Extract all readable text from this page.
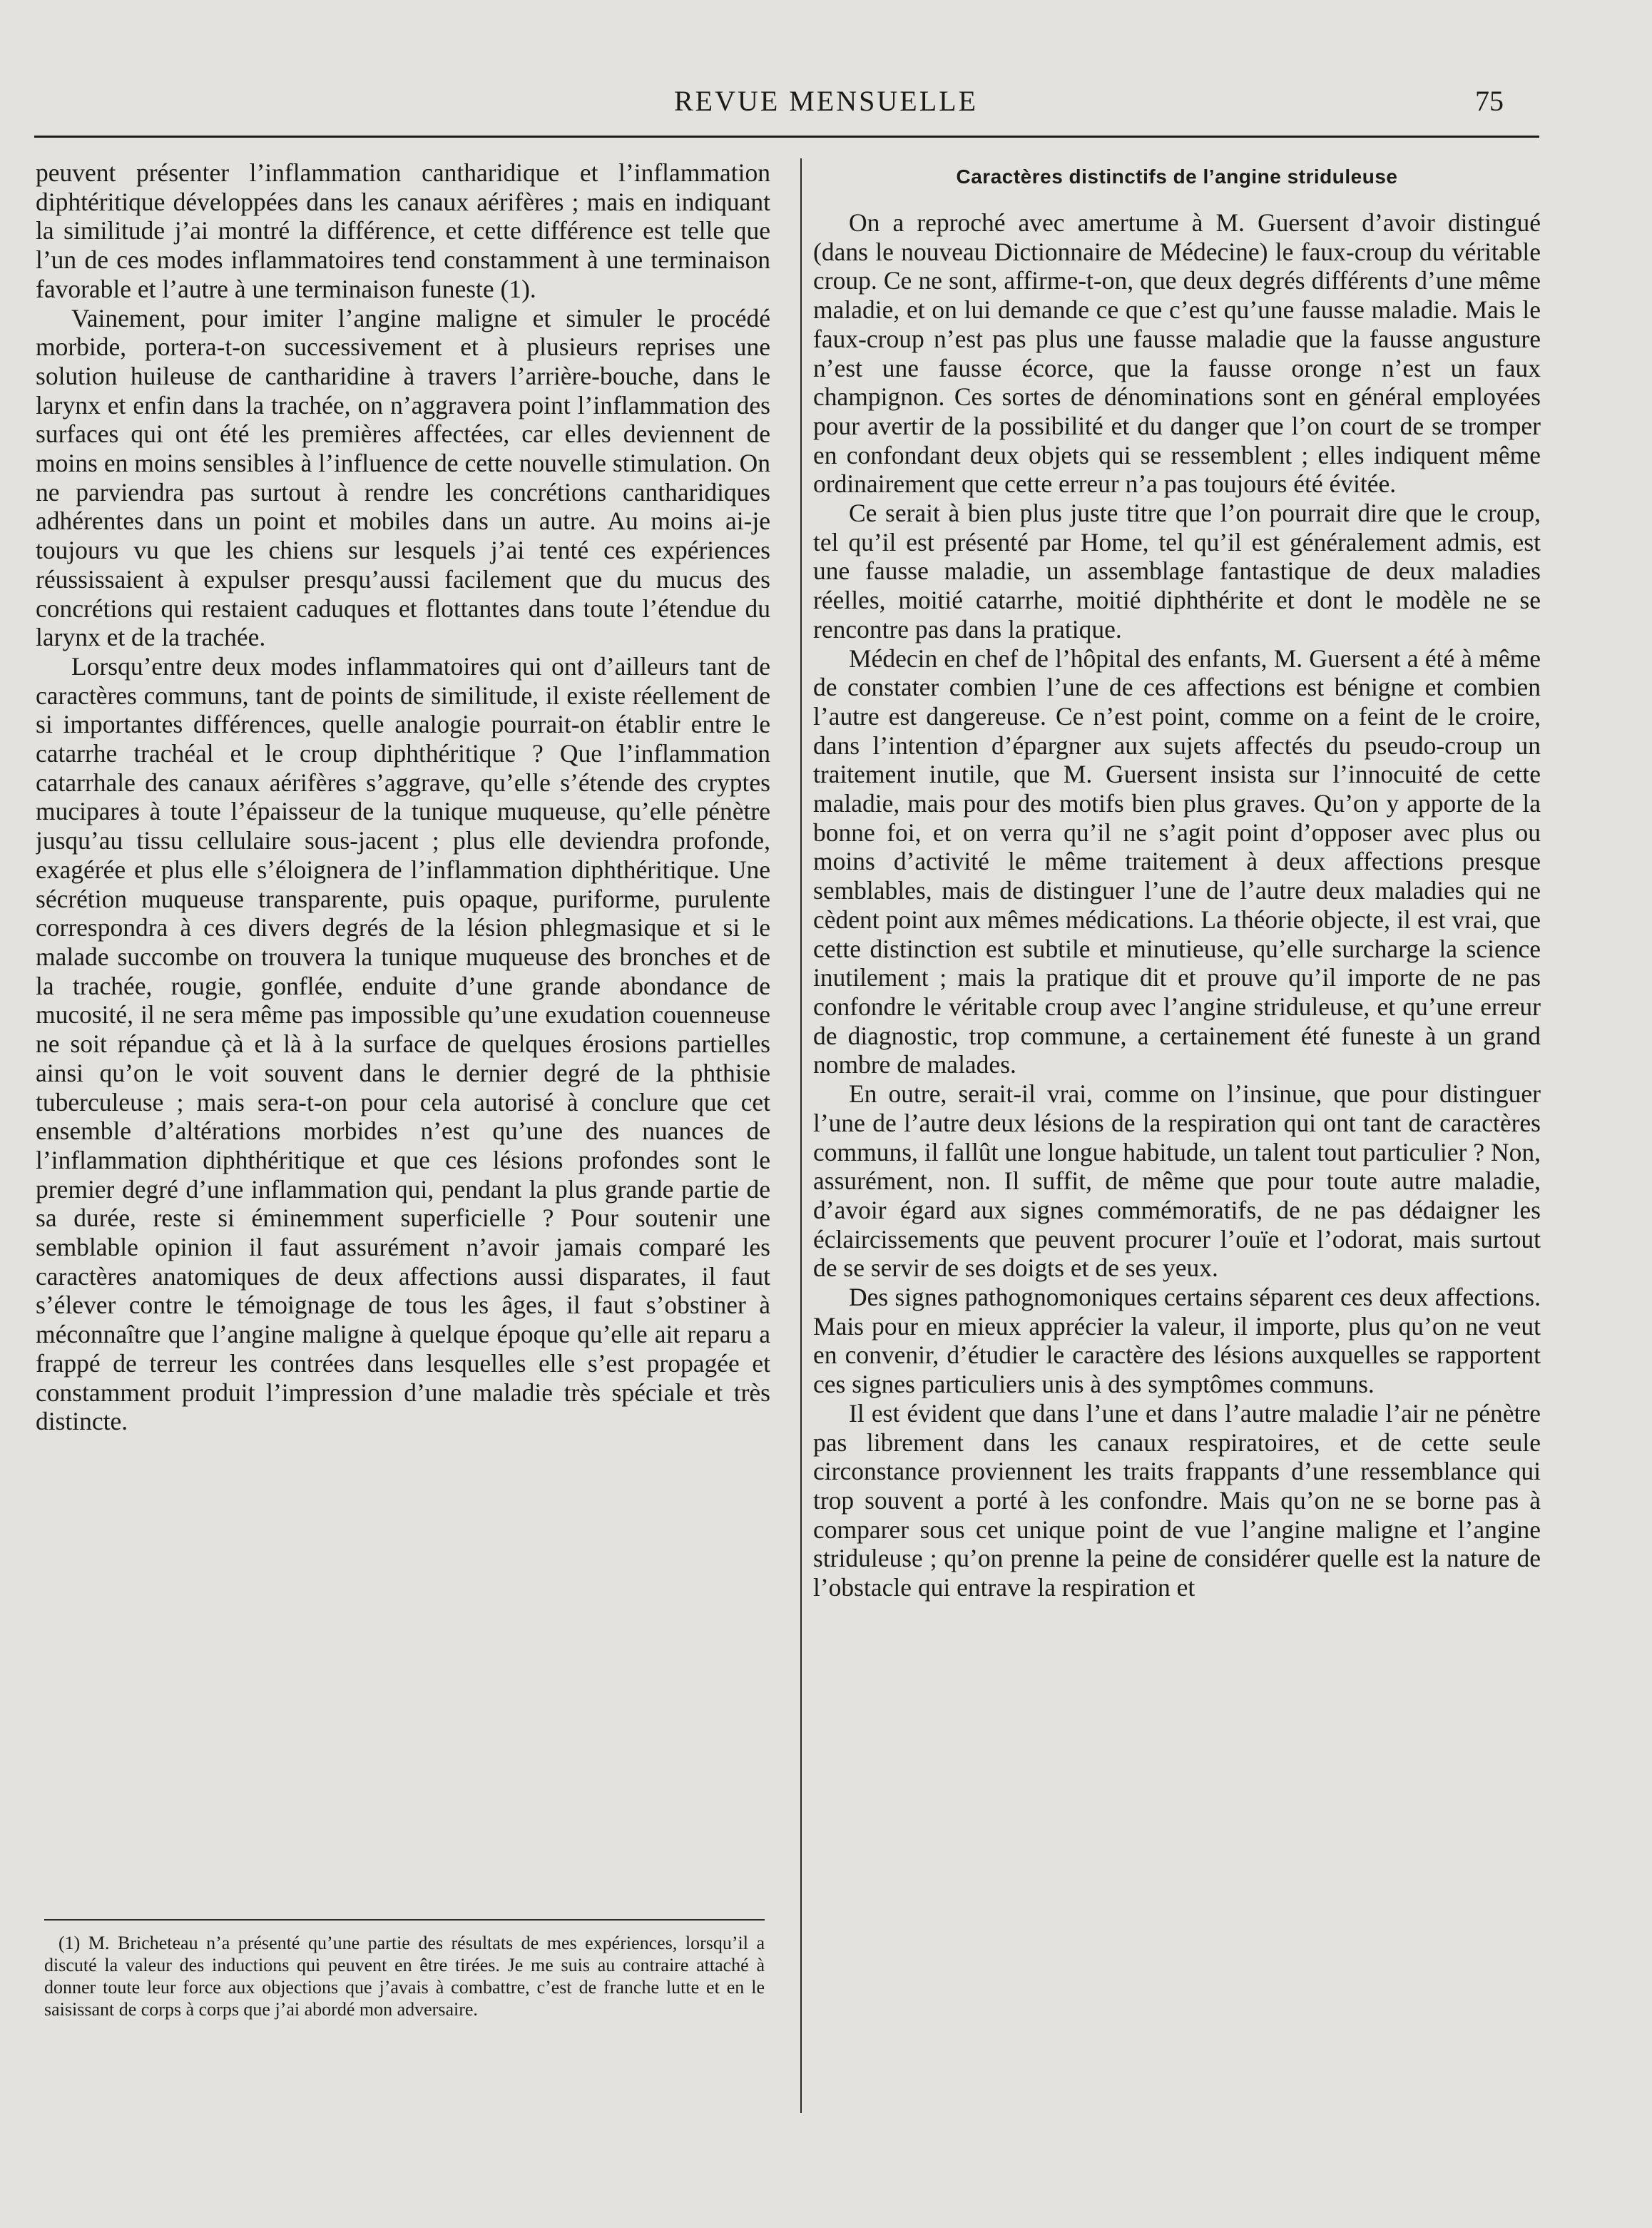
REVUE MENSUELLE	75

peuvent présenter l’inflammation cantharidique et l’inflammation diphtéritique développées dans les canaux aérifères ; mais en indiquant la similitude j’ai montré la différence, et cette différence est telle que l’un de ces modes inflammatoires tend constamment à une terminaison favorable et l’autre à une terminaison funeste (1).

Vainement, pour imiter l’angine maligne et simuler le procédé morbide, portera-t-on successivement et à plusieurs reprises une solution huileuse de cantharidine à travers l’arrière-bouche, dans le larynx et enfin dans la trachée, on n’aggravera point l’inflammation des surfaces qui ont été les premières affectées, car elles deviennent de moins en moins sensibles à l’influence de cette nouvelle stimulation. On ne parviendra pas surtout à rendre les concrétions cantharidiques adhérentes dans un point et mobiles dans un autre. Au moins ai-je toujours vu que les chiens sur lesquels j’ai tenté ces expériences réussissaient à expulser presqu’aussi facilement que du mucus des concrétions qui restaient caduques et flottantes dans toute l’étendue du larynx et de la trachée.

Lorsqu’entre deux modes inflammatoires qui ont d’ailleurs tant de caractères communs, tant de points de similitude, il existe réellement de si importantes différences, quelle analogie pourrait-on établir entre le catarrhe trachéal et le croup diphthéritique ? Que l’inflammation catarrhale des canaux aérifères s’aggrave, qu’elle s’étende des cryptes mucipares à toute l’épaisseur de la tunique muqueuse, qu’elle pénètre jusqu’au tissu cellulaire sous-jacent ; plus elle deviendra profonde, exagérée et plus elle s’éloignera de l’inflammation diphthéritique. Une sécrétion muqueuse transparente, puis opaque, puriforme, purulente correspondra à ces divers degrés de la lésion phlegmasique et si le malade succombe on trouvera la tunique muqueuse des bronches et de la trachée, rougie, gonflée, enduite d’une grande abondance de mucosité, il ne sera même pas impossible qu’une exudation couenneuse ne soit répandue çà et là à la surface de quelques érosions partielles ainsi qu’on le voit souvent dans le dernier degré de la phthisie tuberculeuse ; mais sera-t-on pour cela autorisé à conclure que cet ensemble d’altérations morbides n’est qu’une des nuances de l’inflammation diphthéritique et que ces lésions profondes sont le premier degré d’une inflammation qui, pendant la plus grande partie de sa durée, reste si éminemment superficielle ? Pour soutenir une semblable opinion il faut assurément n’avoir jamais comparé les caractères anatomiques de deux affections aussi disparates, il faut s’élever contre le témoignage de tous les âges, il faut s’obstiner à méconnaître que l’angine maligne à quelque époque qu’elle ait reparu a frappé de terreur les contrées dans lesquelles elle s’est propagée et constamment produit l’impression d’une maladie très spéciale et très distincte.

Caractères distinctifs de l’angine striduleuse

On a reproché avec amertume à M. Guersent d’avoir distingué (dans le nouveau Dictionnaire de Médecine) le faux-croup du véritable croup. Ce ne sont, affirme-t-on, que deux degrés différents d’une même maladie, et on lui demande ce que c’est qu’une fausse maladie. Mais le faux-croup n’est pas plus une fausse maladie que la fausse angusture n’est une fausse écorce, que la fausse oronge n’est un faux champignon. Ces sortes de dénominations sont en général employées pour avertir de la possibilité et du danger que l’on court de se tromper en confondant deux objets qui se ressemblent ; elles indiquent même ordinairement que cette erreur n’a pas toujours été évitée.

Ce serait à bien plus juste titre que l’on pourrait dire que le croup, tel qu’il est présenté par Home, tel qu’il est généralement admis, est une fausse maladie, un assemblage fantastique de deux maladies réelles, moitié catarrhe, moitié diphthérite et dont le modèle ne se rencontre pas dans la pratique.

Médecin en chef de l’hôpital des enfants, M. Guersent a été à même de constater combien l’une de ces affections est bénigne et combien l’autre est dangereuse. Ce n’est point, comme on a feint de le croire, dans l’intention d’épargner aux sujets affectés du pseudo-croup un traitement inutile, que M. Guersent insista sur l’innocuité de cette maladie, mais pour des motifs bien plus graves. Qu’on y apporte de la bonne foi, et on verra qu’il ne s’agit point d’opposer avec plus ou moins d’activité le même traitement à deux affections presque semblables, mais de distinguer l’une de l’autre deux maladies qui ne cèdent point aux mêmes médications. La théorie objecte, il est vrai, que cette distinction est subtile et minutieuse, qu’elle surcharge la science inutilement ; mais la pratique dit et prouve qu’il importe de ne pas confondre le véritable croup avec l’angine striduleuse, et qu’une erreur de diagnostic, trop commune, a certainement été funeste à un grand nombre de malades.

En outre, serait-il vrai, comme on l’insinue, que pour distinguer l’une de l’autre deux lésions de la respiration qui ont tant de caractères communs, il fallût une longue habitude, un talent tout particulier ? Non, assurément, non. Il suffit, de même que pour toute autre maladie, d’avoir égard aux signes commémoratifs, de ne pas dédaigner les éclaircissements que peuvent procurer l’ouïe et l’odorat, mais surtout de se servir de ses doigts et de ses yeux.

Des signes pathognomoniques certains séparent ces deux affections. Mais pour en mieux apprécier la valeur, il importe, plus qu’on ne veut en convenir, d’étudier le caractère des lésions auxquelles se rapportent ces signes particuliers unis à des symptômes communs.

Il est évident que dans l’une et dans l’autre maladie l’air ne pénètre pas librement dans les canaux respiratoires, et de cette seule circonstance proviennent les traits frappants d’une ressemblance qui trop souvent a porté à les confondre. Mais qu’on ne se borne pas à comparer sous cet unique point de vue l’angine maligne et l’angine striduleuse ; qu’on prenne la peine de considérer quelle est la nature de l’obstacle qui entrave la respiration et

(1) M. Bricheteau n’a présenté qu’une partie des résultats de mes expériences, lorsqu’il a discuté la valeur des inductions qui peuvent en être tirées. Je me suis au contraire attaché à donner toute leur force aux objections que j’avais à combattre, c’est de franche lutte et en le saisissant de corps à corps que j’ai abordé mon adversaire.
